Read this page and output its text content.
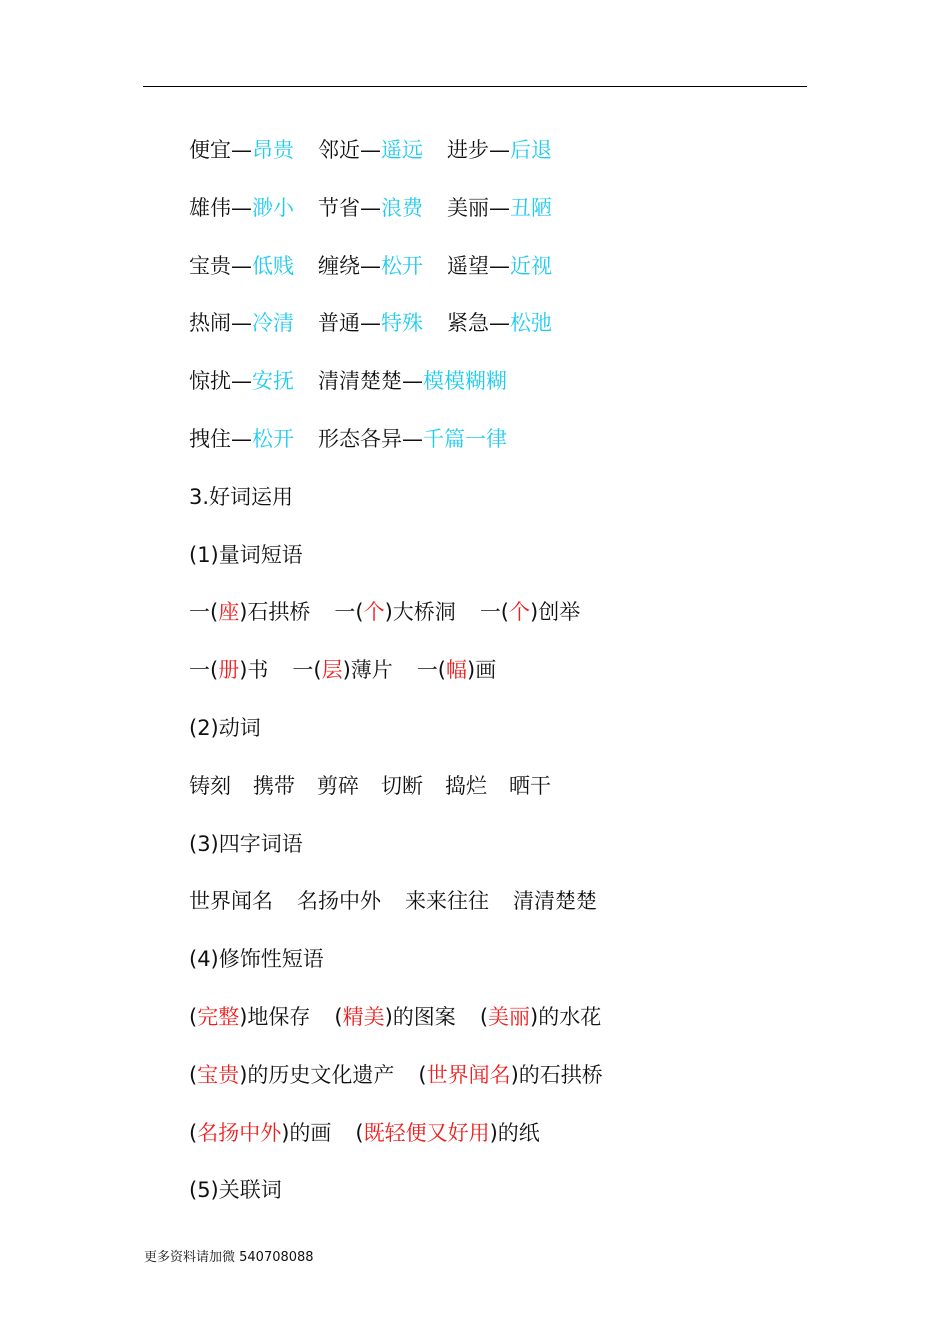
便宜—昂贵 邻近—遥远 进步—后退
雄伟—渺小 节省—浪费 美丽—丑陋
宝贵—低贱 缠绕—松开 遥望—近视
热闹—冷清 普通—特殊 紧急—松弛
惊扰—安抚 清清楚楚—模模糊糊
拽住—松开 形态各异—千篇一律
3.好词运用
(1)量词短语
一(座)石拱桥 一(个)大桥洞 一(个)创举
一(册)书 一(层)薄片 一(幅)画
(2)动词
铸刻 携带 剪碎 切断 捣烂 晒干
(3)四字词语
世界闻名 名扬中外 来来往往 清清楚楚
(4)修饰性短语
(完整)地保存 (精美)的图案 (美丽)的水花
(宝贵)的历史文化遗产 (世界闻名)的石拱桥
(名扬中外)的画 (既轻便又好用)的纸
(5)关联词
更多资料请加微 540708088
